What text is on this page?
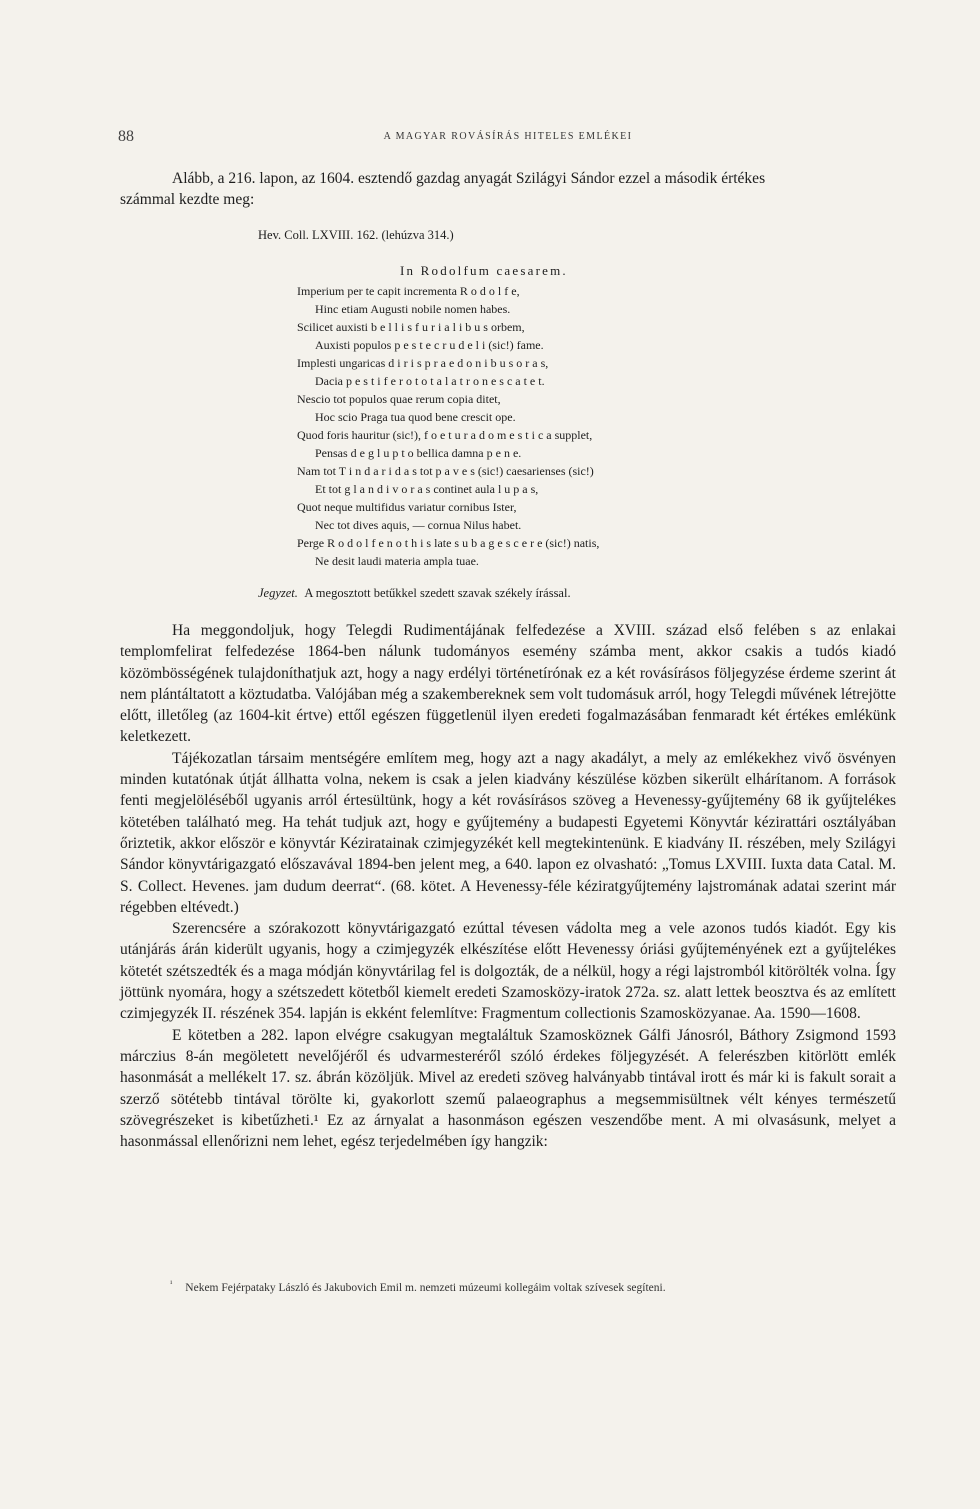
88	A MAGYAR ROVÁSÍRÁS HITELES EMLÉKEI
Alább, a 216. lapon, az 1604. esztendő gazdag anyagát Szilágyi Sándor ezzel a második értékes
számmal kezdte meg:
Hev. Coll. LXVIII. 162. (lehúzva 314.)
In Rodolfum caesarem.
Imperium per te capit incrementa R o d o l f e,
Hinc etiam Augusti nobile nomen habes.
Scilicet auxisti b e l l i s f u r i a l i b u s orbem,
Auxisti populos p e s t e c r u d e l i (sic!) fame.
Implesti ungaricas d i r i s p r a e d o n i b u s o r a s,
Dacia p e s t i f e r o t o t a l a t r o n e s c a t e t.
Nescio tot populos quae rerum copia ditet,
Hoc scio Praga tua quod bene crescit ope.
Quod foris hauritur (sic!), f o e t u r a d o m e s t i c a supplet,
Pensas d e g l u p t o bellica damna p e n e.
Nam tot T i n d a r i d a s tot p a v e s (sic!) caesarienses (sic!)
Et tot g l a n d i v o r a s continet aula l u p a s,
Quot neque multifidus variatur cornibus Ister,
Nec tot dives aquis, — cornua Nilus habet.
Perge R o d o l f e n o t h i s late s u b a g e s c e r e (sic!) natis,
Ne desit laudi materia ampla tuae.
Jegyzet. A megosztott betűkkel szedett szavak székely írással.

Ha meggondoljuk, hogy Telegdi Rudimentájának felfedezése a XVIII. század első felében s az enlakai templomfelirat felfedezése 1864-ben nálunk tudományos esemény számba ment, akkor csakis a tudós kiadó közömbösségének tulajdoníthatjuk azt, hogy a nagy erdélyi történetírónak ez a két rovásírásos följegyzése érdeme szerint át nem plántáltatott a köztudatba. Valójában még a szakembereknek sem volt tudomásuk arról, hogy Telegdi művének létrejötte előtt, illetőleg (az 1604-kit értve) ettől egészen függetlenül ilyen eredeti fogalmazásában fenmaradt két értékes emlékünk keletkezett.

Tájékozatlan társaim mentségére említem meg, hogy azt a nagy akadályt, a mely az emlékekhez vivő ösvényen minden kutatónak útját állhatta volna, nekem is csak a jelen kiadvány készülése közben sikerült elhárítanom. A források fenti megjelöléséből ugyanis arról értesültünk, hogy a két rovásírásos szöveg a Hevenessy-gyűjtemény 68 ik gyűjtelékes kötetében található meg. Ha tehát tudjuk azt, hogy e gyűjtemény a budapesti Egyetemi Könyvtár kézirattári osztályában őriztetik, akkor először e könyvtár Kéziratainak czimjegyzékét kell megtekintenünk. E kiadvány II. részében, mely Szilágyi Sándor könyvtárigazgató előszavával 1894-ben jelent meg, a 640. lapon ez olvasható: „Tomus LXVIII. Iuxta data Catal. M. S. Collect. Hevenes. jam dudum deerrat“. (68. kötet. A Hevenessy-féle kéziratgyűjtemény lajstromának adatai szerint már régebben eltévedt.)

Szerencsére a szórakozott könyvtárigazgató ezúttal tévesen vádolta meg a vele azonos tudós kiadót. Egy kis utánjárás árán kiderült ugyanis, hogy a czimjegyzék elkészítése előtt Hevenessy óriási gyűjteményének ezt a gyűjtelékes kötetét szétszedték és a maga módján könyvtárilag fel is dolgozták, de a nélkül, hogy a régi lajstromból kitörölték volna. Így jöttünk nyomára, hogy a szétszedett kötetből kiemelt eredeti Szamosközy-iratok 272a. sz. alatt lettek beosztva és az említett czimjegyzék II. részének 354. lapján is ekként felemlítve: Fragmentum collectionis Szamosközyanae. Aa. 1590—1608.

E kötetben a 282. lapon elvégre csakugyan megtaláltuk Szamosköznek Gálfi Jánosról, Báthory Zsigmond 1593 márczius 8-án megöletett nevelőjéről és udvarmesteréről szóló érdekes följegyzését. A felerészben kitörlött emlék hasonmását a mellékelt 17. sz. ábrán közöljük. Mivel az eredeti szöveg halványabb tintával irott és már ki is fakult sorait a szerző sötétebb tintával törölte ki, gyakorlott szemű palaeographus a megsemmisültnek vélt kényes természetű szövegrészeket is kibetűzheti.¹ Ez az árnyalat a hasonmáson egészen veszendőbe ment. A mi olvasásunk, melyet a hasonmással ellenőrizni nem lehet, egész terjedelmében így hangzik:

$^{^1}$ Nekem Fejérpataky László és Jakubovich Emil m. nemzeti múzeumi kollegáim voltak szívesek segíteni.
